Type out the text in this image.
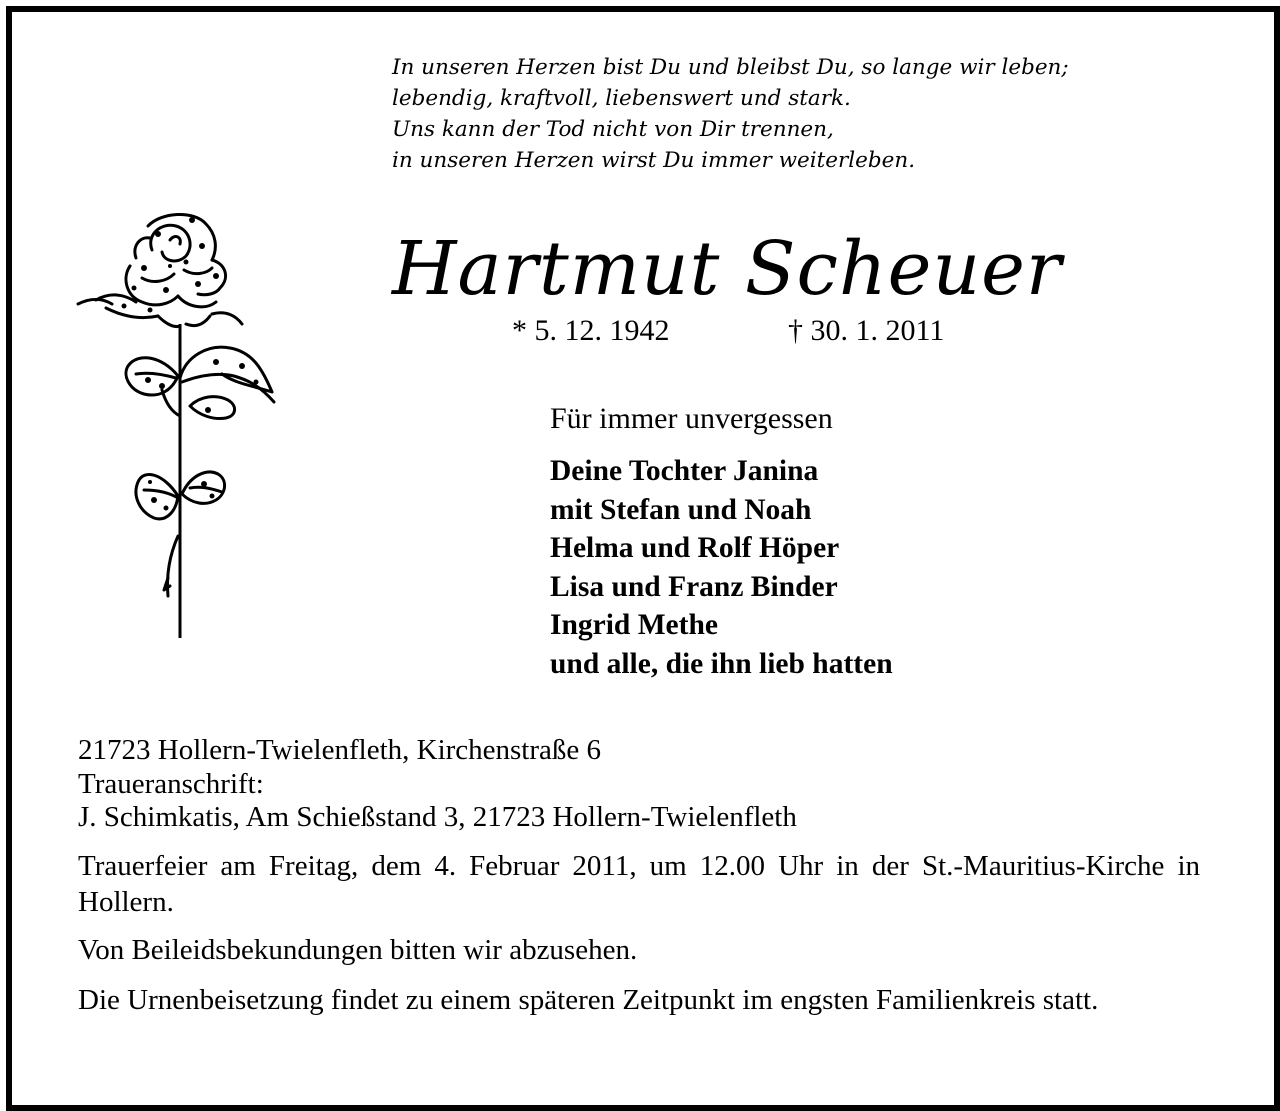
In unseren Herzen bist Du und bleibst Du, so lange wir leben;
lebendig, kraftvoll, liebenswert und stark.
Uns kann der Tod nicht von Dir trennen,
in unseren Herzen wirst Du immer weiterleben.
Hartmut Scheuer
* 5. 12. 1942	† 30. 1. 2011
Für immer unvergessen
Deine Tochter Janina
mit Stefan und Noah
Helma und Rolf Höper
Lisa und Franz Binder
Ingrid Methe
und alle, die ihn lieb hatten
21723 Hollern-Twielenfleth, Kirchenstraße 6
Traueranschrift:
J. Schimkatis, Am Schießstand 3, 21723 Hollern-Twielenfleth
Trauerfeier am Freitag, dem 4. Februar 2011, um 12.00 Uhr in der St.-Mauritius-Kirche in Hollern.
Von Beileidsbekundungen bitten wir abzusehen.
Die Urnenbeisetzung findet zu einem späteren Zeitpunkt im engsten Familienkreis statt.
